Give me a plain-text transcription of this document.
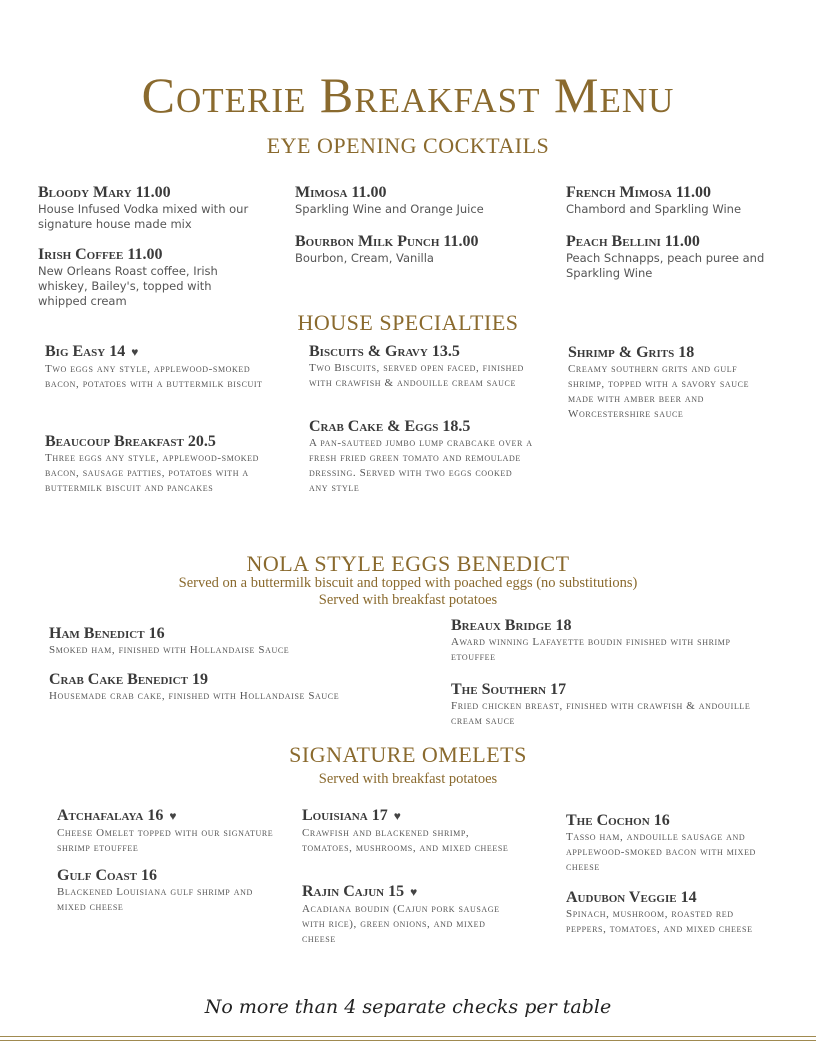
Coterie Breakfast Menu
EYE OPENING COCKTAILS
Bloody Mary 11.00
House Infused Vodka mixed with our signature house made mix
Irish Coffee 11.00
New Orleans Roast coffee, Irish whiskey, Bailey's, topped with whipped cream
Mimosa 11.00
Sparkling Wine and Orange Juice
Bourbon Milk Punch 11.00
Bourbon, Cream, Vanilla
French Mimosa 11.00
Chambord and Sparkling Wine
Peach Bellini 11.00
Peach Schnapps, peach puree and Sparkling Wine
HOUSE SPECIALTIES
Big Easy 14 ♥
Two eggs any style, applewood-smoked bacon, potatoes with a buttermilk biscuit
Beaucoup Breakfast 20.5
Three eggs any style, applewood-smoked bacon, sausage patties, potatoes with a buttermilk biscuit and pancakes
Biscuits & Gravy 13.5
Two Biscuits, served open faced, finished with crawfish & andouille cream sauce
Crab Cake & Eggs 18.5
A pan-sauteed jumbo lump crabcake over a fresh fried green tomato and remoulade dressing. Served with two eggs cooked any style
Shrimp & Grits 18
Creamy southern grits and gulf shrimp, topped with a savory sauce made with amber beer and Worcestershire sauce
NOLA STYLE EGGS BENEDICT
Served on a buttermilk biscuit and topped with poached eggs (no substitutions)
Served with breakfast potatoes
Ham Benedict 16
Smoked ham, finished with Hollandaise Sauce
Crab Cake Benedict 19
Housemade crab cake, finished with Hollandaise Sauce
Breaux Bridge 18
Award winning Lafayette boudin finished with shrimp etouffee
The Southern 17
Fried chicken breast, finished with crawfish & andouille cream sauce
SIGNATURE OMELETS
Served with breakfast potatoes
Atchafalaya 16 ♥
Cheese Omelet topped with our signature shrimp etouffee
Gulf Coast 16
Blackened Louisiana gulf shrimp and mixed cheese
Louisiana 17 ♥
Crawfish and blackened shrimp, tomatoes, mushrooms, and mixed cheese
Rajin Cajun 15 ♥
Acadiana boudin (Cajun pork sausage with rice), green onions, and mixed cheese
The Cochon 16
Tasso ham, andouille sausage and applewood-smoked bacon with mixed cheese
Audubon Veggie 14
Spinach, mushroom, roasted red peppers, tomatoes, and mixed cheese
No more than 4 separate checks per table
